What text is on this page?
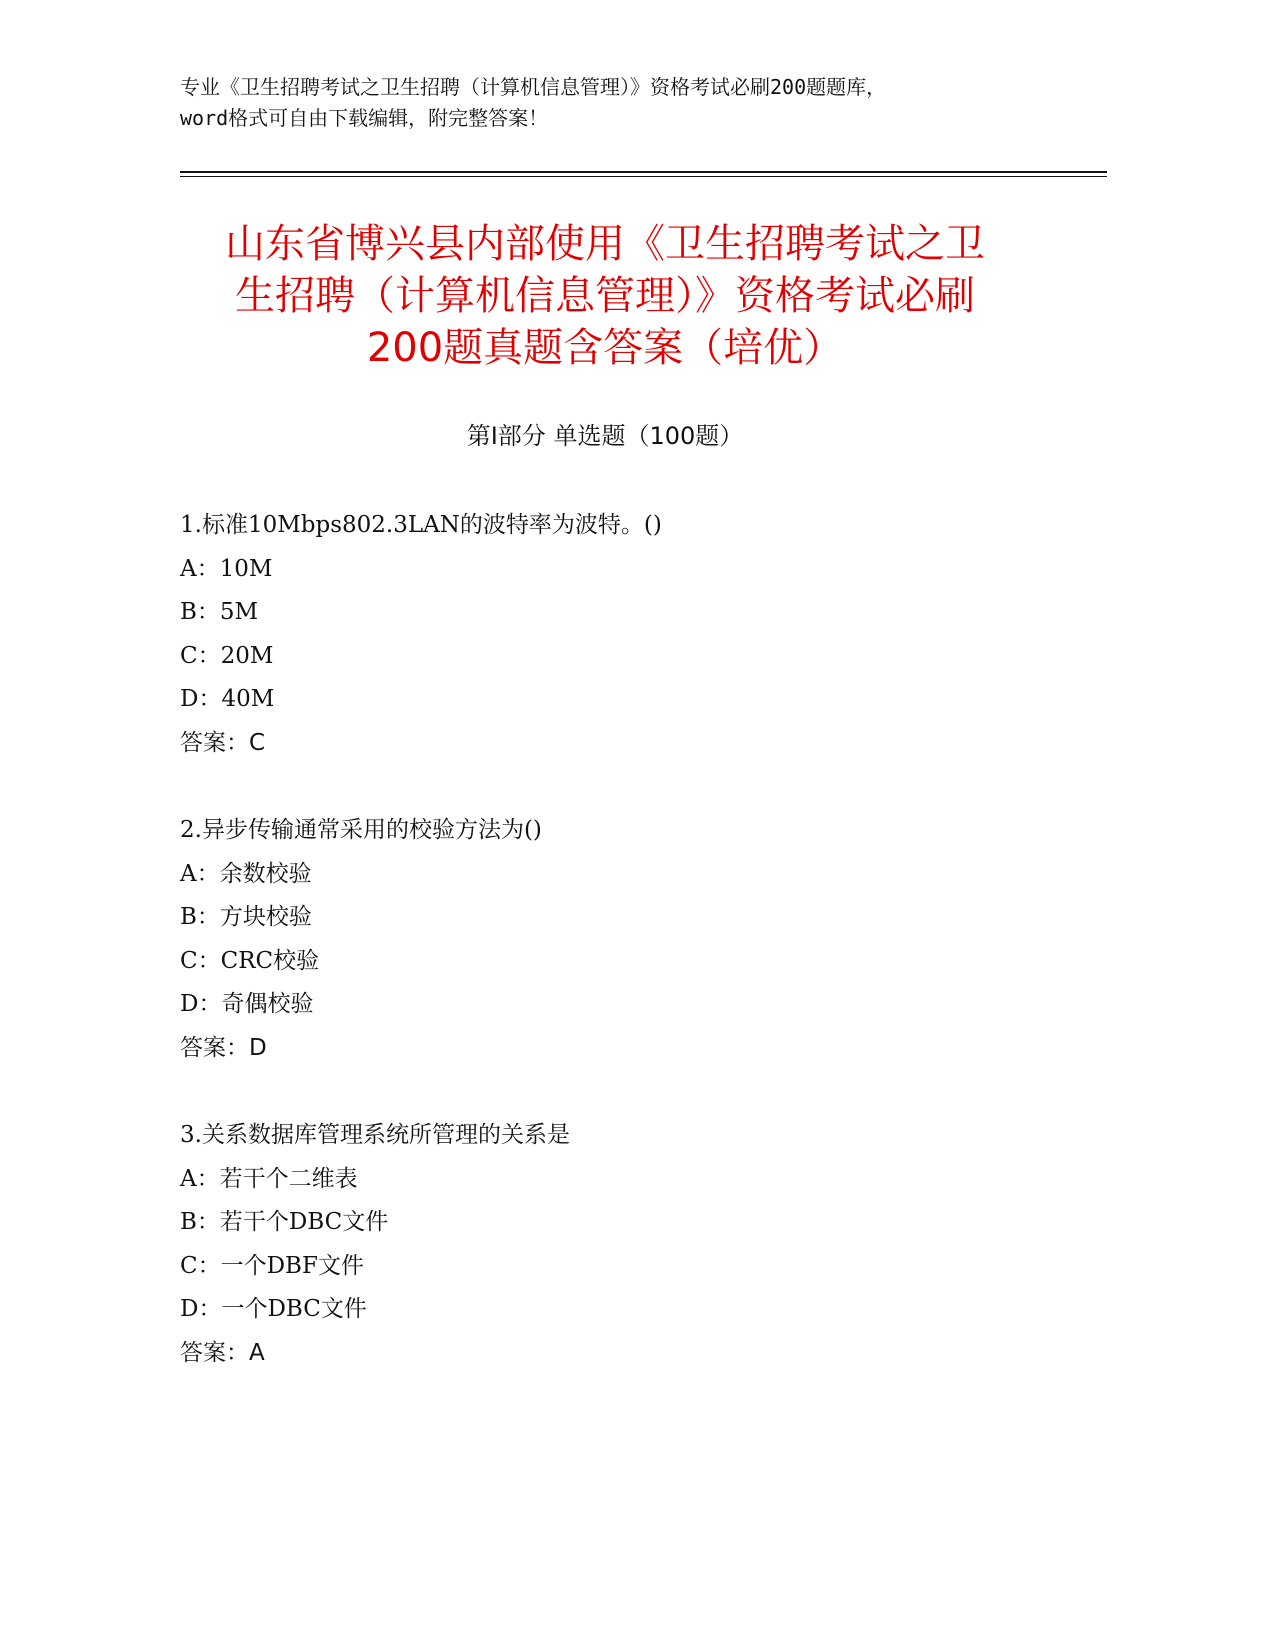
专业《卫生招聘考试之卫生招聘（计算机信息管理）》资格考试必刷200题题库，
word格式可自由下载编辑，附完整答案！
山东省博兴县内部使用《卫生招聘考试之卫
生招聘（计算机信息管理）》资格考试必刷
200题真题含答案（培优）
第I部分 单选题（100题）
1.标准10Mbps802.3LAN的波特率为波特。()
A：10M
B：5M
C：20M
D：40M
答案：C
2.异步传输通常采用的校验方法为()
A：余数校验
B：方块校验
C：CRC校验
D：奇偶校验
答案：D
3.关系数据库管理系统所管理的关系是
A：若干个二维表
B：若干个DBC文件
C：一个DBF文件
D：一个DBC文件
答案：A
